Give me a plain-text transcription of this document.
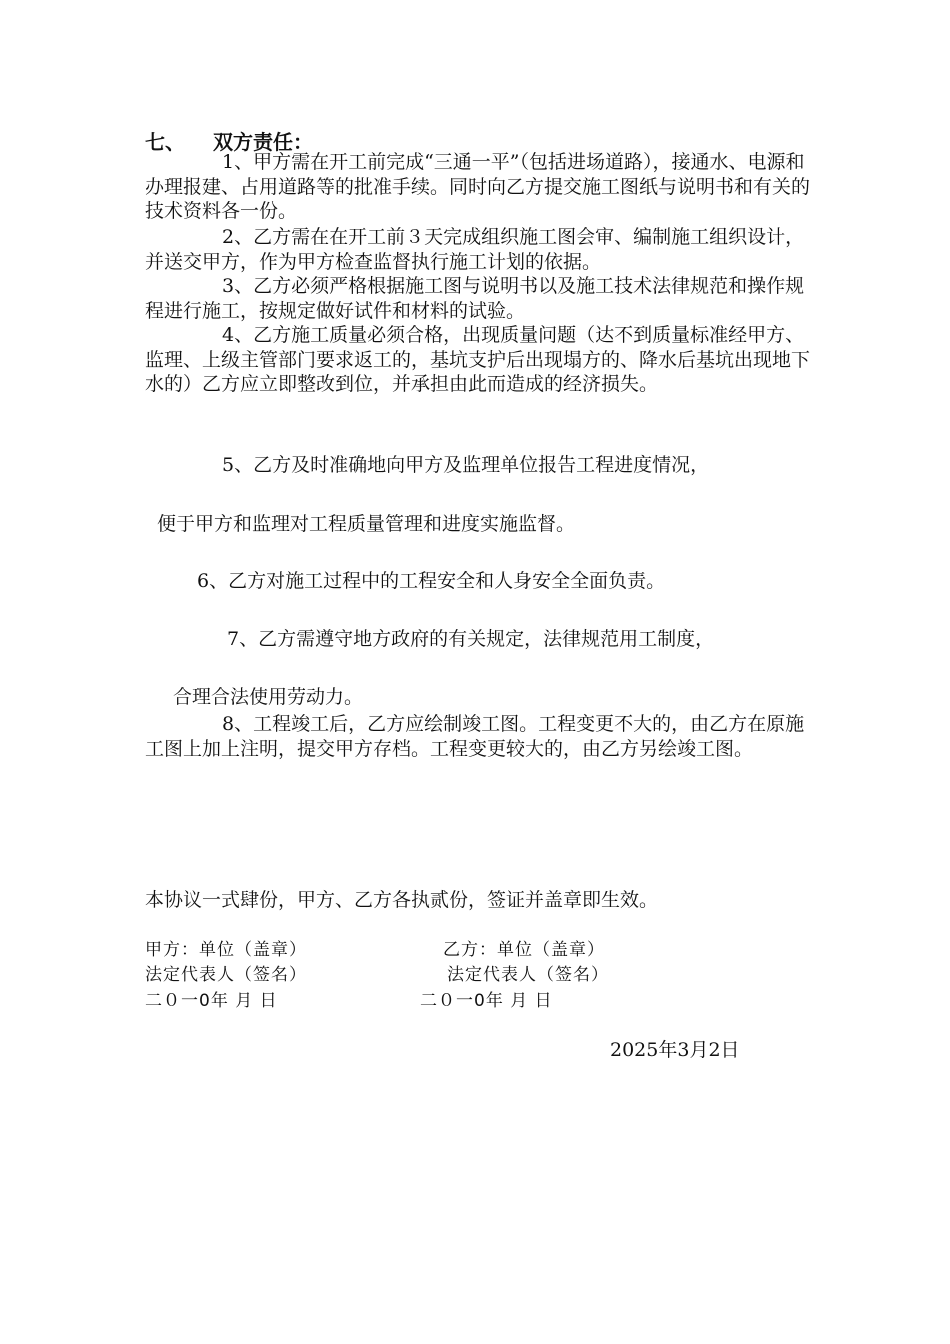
七、 双方责任：

1、甲方需在开工前完成“三通一平”（包括进场道路），接通水、电源和办理报建、占用道路等的批准手续。同时向乙方提交施工图纸与说明书和有关的技术资料各一份。

2、乙方需在在开工前３天完成组织施工图会审、编制施工组织设计，并送交甲方，作为甲方检查监督执行施工计划的依据。

3、乙方必须严格根据施工图与说明书以及施工技术法律规范和操作规程进行施工，按规定做好试件和材料的试验。

4、乙方施工质量必须合格，出现质量问题（达不到质量标准经甲方、监理、上级主管部门要求返工的，基坑支护后出现塌方的、降水后基坑出现地下水的）乙方应立即整改到位，并承担由此而造成的经济损失。

5、乙方及时准确地向甲方及监理单位报告工程进度情况，
便于甲方和监理对工程质量管理和进度实施监督。
6、乙方对施工过程中的工程安全和人身安全全面负责。
7、乙方需遵守地方政府的有关规定，法律规范用工制度，
合理合法使用劳动力。

8、工程竣工后，乙方应绘制竣工图。工程变更不大的，由乙方在原施工图上加上注明，提交甲方存档。工程变更较大的，由乙方另绘竣工图。

本协议一式肆份，甲方、乙方各执贰份，签证并盖章即生效。
甲方：单位（盖章）	乙方：单位（盖章）
法定代表人（签名）	法定代表人（签名）
二０一0年 月 日	二０一0年 月 日
2025年3月2日
